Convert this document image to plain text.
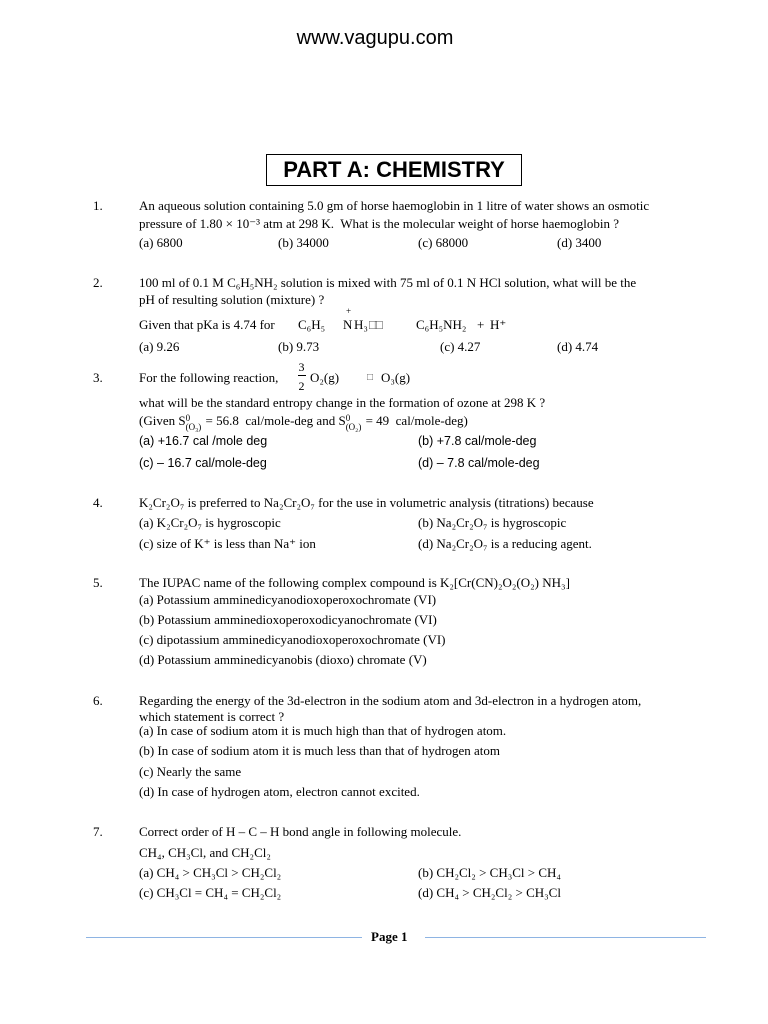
www.vagupu.com
PART A: CHEMISTRY
1.	An aqueous solution containing 5.0 gm of horse haemoglobin in 1 litre of water shows an osmotic
pressure of 1.80 × 10⁻³ atm at 298 K.  What is the molecular weight of horse haemoglobin ?
(a) 6800	(b) 34000	(c) 68000	(d) 3400
2.	100 ml of 0.1 M C₆H₅NH₂ solution is mixed with 75 ml of 0.1 N HCl solution, what will be the
pH of resulting solution (mixture) ?
Given that pKa is 4.74 for C₆H₅ N
+
H₃ □□	C₆H₅NH₂ + H⁺
(a) 9.26	(b) 9.73	(c) 4.27	(d) 4.74
3.	For the following reaction,
3
2
O₂(g)	□ O₃(g)
what will be the standard entropy change in the formation of ozone at 298 K ?
(Given S 0
(O₃) = 56.8  cal/mole-deg and S 0
(O₂) = 49  cal/mole-deg)
(a) +16.7 cal /mole deg	(b) +7.8 cal/mole-deg
(c) – 16.7 cal/mole-deg	(d) – 7.8 cal/mole-deg
4.	K₂Cr₂O₇ is preferred to Na₂Cr₂O₇ for the use in volumetric analysis (titrations) because
(a) K₂Cr₂O₇ is hygroscopic	(b) Na₂Cr₂O₇ is hygroscopic
(c) size of K⁺ is less than Na⁺ ion	(d) Na₂Cr₂O₇ is a reducing agent.
5.	The IUPAC name of the following complex compound is K₂[Cr(CN)₂O₂(O₂) NH₃]
(a) Potassium amminedicyanodioxoperoxochromate (VI)
(b) Potassium amminedioxoperoxodicyanochromate (VI)
(c) dipotassium amminedicyanodioxoperoxochromate (VI)
(d) Potassium amminedicyanobis (dioxo) chromate (V)
6.	Regarding the energy of the 3d-electron in the sodium atom and 3d-electron in a hydrogen atom,
which statement is correct ?
(a) In case of sodium atom it is much high than that of hydrogen atom.
(b) In case of sodium atom it is much less than that of hydrogen atom
(c) Nearly the same
(d) In case of hydrogen atom, electron cannot excited.
7.	Correct order of H – C – H bond angle in following molecule.
CH₄, CH₃Cl, and CH₂Cl₂
(a) CH₄ > CH₃Cl > CH₂Cl₂	(b) CH₂Cl₂ > CH₃Cl > CH₄
(c) CH₃Cl = CH₄ = CH₂Cl₂	(d) CH₄ > CH₂Cl₂ > CH₃Cl
Page 1
